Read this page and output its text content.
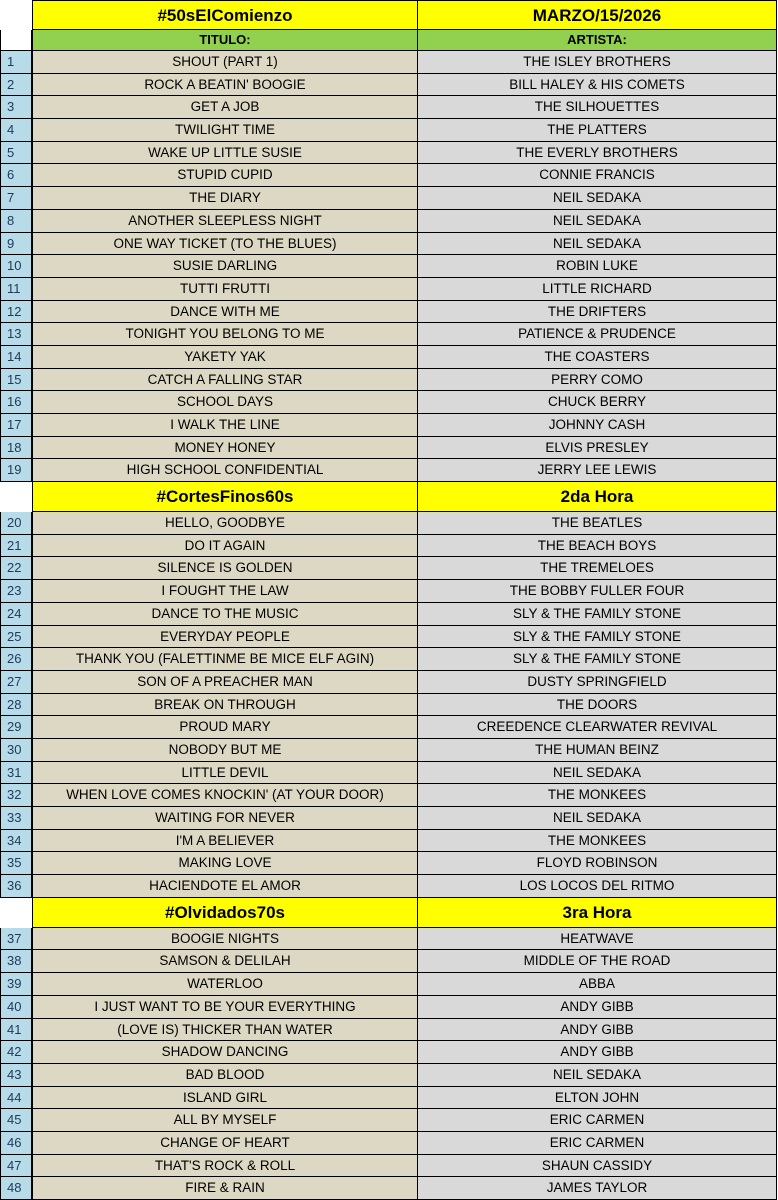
#50sElComienzo	MARZO/15/2026
TITULO:	ARTISTA:
1	SHOUT (PART 1)	THE ISLEY BROTHERS
2	ROCK A BEATIN' BOOGIE	BILL HALEY & HIS COMETS
3	GET A JOB	THE SILHOUETTES
4	TWILIGHT TIME	THE PLATTERS
5	WAKE UP LITTLE SUSIE	THE EVERLY BROTHERS
6	STUPID CUPID	CONNIE FRANCIS
7	THE DIARY	NEIL SEDAKA
8	ANOTHER SLEEPLESS NIGHT	NEIL SEDAKA
9	ONE WAY TICKET (TO THE BLUES)	NEIL SEDAKA
10	SUSIE DARLING	ROBIN LUKE
11	TUTTI FRUTTI	LITTLE RICHARD
12	DANCE WITH ME	THE DRIFTERS
13	TONIGHT YOU BELONG TO ME	PATIENCE & PRUDENCE
14	YAKETY YAK	THE COASTERS
15	CATCH A FALLING STAR	PERRY COMO
16	SCHOOL DAYS	CHUCK BERRY
17	I WALK THE LINE	JOHNNY CASH
18	MONEY HONEY	ELVIS PRESLEY
19	HIGH SCHOOL CONFIDENTIAL	JERRY LEE LEWIS
#CortesFinos60s	2da Hora
20	HELLO, GOODBYE	THE BEATLES
21	DO IT AGAIN	THE BEACH BOYS
22	SILENCE IS GOLDEN	THE TREMELOES
23	I FOUGHT THE LAW	THE BOBBY FULLER FOUR
24	DANCE TO THE MUSIC	SLY & THE FAMILY STONE
25	EVERYDAY PEOPLE	SLY & THE FAMILY STONE
26	THANK YOU (FALETTINME BE MICE ELF AGIN)	SLY & THE FAMILY STONE
27	SON OF A PREACHER MAN	DUSTY SPRINGFIELD
28	BREAK ON THROUGH	THE DOORS
29	PROUD MARY	CREEDENCE CLEARWATER REVIVAL
30	NOBODY BUT ME	THE HUMAN BEINZ
31	LITTLE DEVIL	NEIL SEDAKA
32	WHEN LOVE COMES KNOCKIN' (AT YOUR DOOR)	THE MONKEES
33	WAITING FOR NEVER	NEIL SEDAKA
34	I'M A BELIEVER	THE MONKEES
35	MAKING LOVE	FLOYD ROBINSON
36	HACIENDOTE EL AMOR	LOS LOCOS DEL RITMO
#Olvidados70s	3ra Hora
37	BOOGIE NIGHTS	HEATWAVE
38	SAMSON & DELILAH	MIDDLE OF THE ROAD
39	WATERLOO	ABBA
40	I JUST WANT TO BE YOUR EVERYTHING	ANDY GIBB
41	(LOVE IS) THICKER THAN WATER	ANDY GIBB
42	SHADOW DANCING	ANDY GIBB
43	BAD BLOOD	NEIL SEDAKA
44	ISLAND GIRL	ELTON JOHN
45	ALL BY MYSELF	ERIC CARMEN
46	CHANGE OF HEART	ERIC CARMEN
47	THAT'S ROCK & ROLL	SHAUN CASSIDY
48	FIRE & RAIN	JAMES TAYLOR
